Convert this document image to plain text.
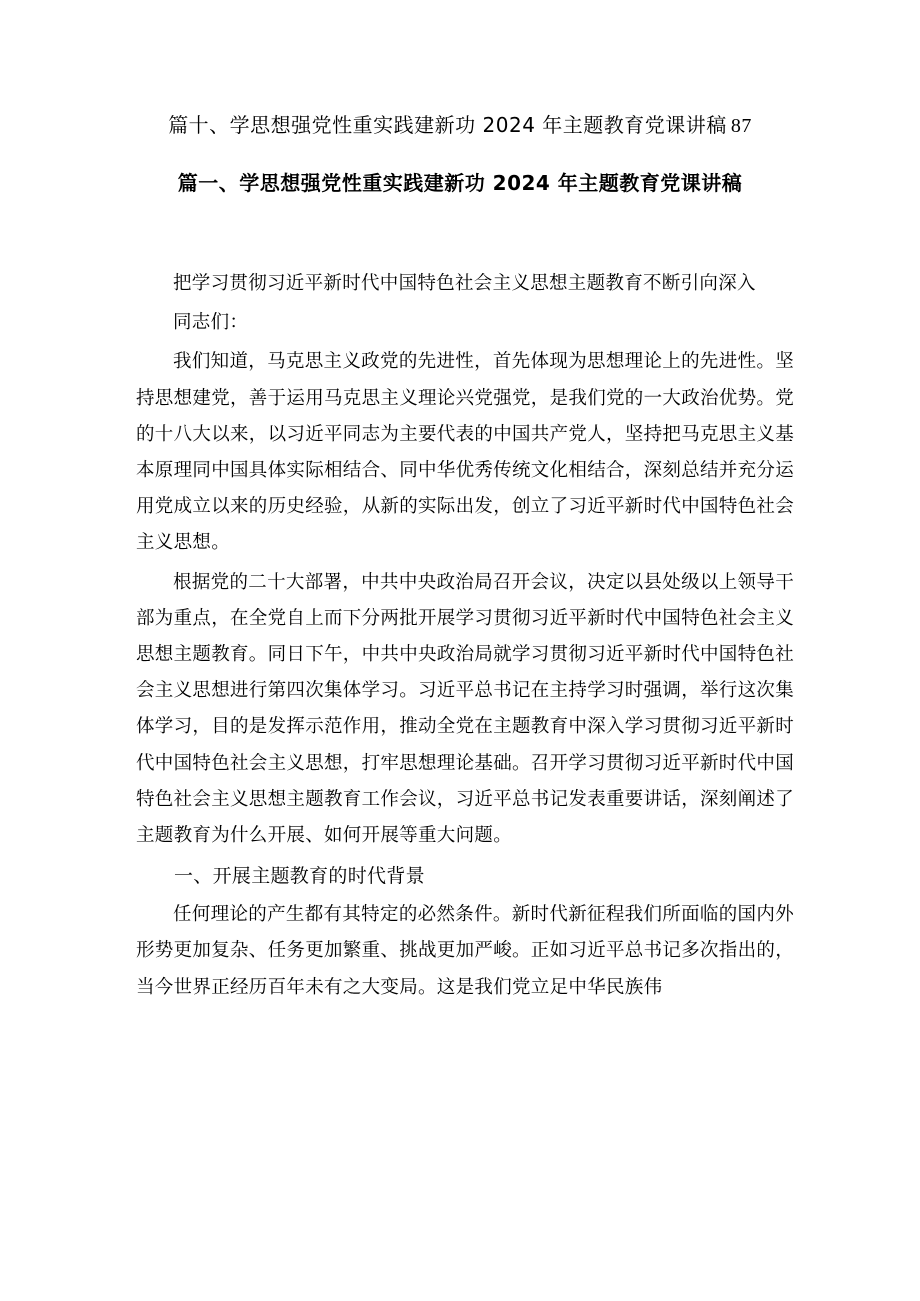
篇十、学思想强党性重实践建新功 2024 年主题教育党课讲稿 87
篇一、学思想强党性重实践建新功 2024 年主题教育党课讲稿

把学习贯彻习近平新时代中国特色社会主义思想主题教育不断引向深入

同志们：

我们知道，马克思主义政党的先进性，首先体现为思想理论上的先进性。坚持思想建党，善于运用马克思主义理论兴党强党，是我们党的一大政治优势。党的十八大以来，以习近平同志为主要代表的中国共产党人，坚持把马克思主义基本原理同中国具体实际相结合、同中华优秀传统文化相结合，深刻总结并充分运用党成立以来的历史经验，从新的实际出发，创立了习近平新时代中国特色社会主义思想。

根据党的二十大部署，中共中央政治局召开会议，决定以县处级以上领导干部为重点，在全党自上而下分两批开展学习贯彻习近平新时代中国特色社会主义思想主题教育。同日下午，中共中央政治局就学习贯彻习近平新时代中国特色社会主义思想进行第四次集体学习。习近平总书记在主持学习时强调，举行这次集体学习，目的是发挥示范作用，推动全党在主题教育中深入学习贯彻习近平新时代中国特色社会主义思想，打牢思想理论基础。召开学习贯彻习近平新时代中国特色社会主义思想主题教育工作会议，习近平总书记发表重要讲话，深刻阐述了主题教育为什么开展、如何开展等重大问题。

一、开展主题教育的时代背景

任何理论的产生都有其特定的必然条件。新时代新征程我们所面临的国内外形势更加复杂、任务更加繁重、挑战更加严峻。正如习近平总书记多次指出的，当今世界正经历百年未有之大变局。这是我们党立足中华民族伟
